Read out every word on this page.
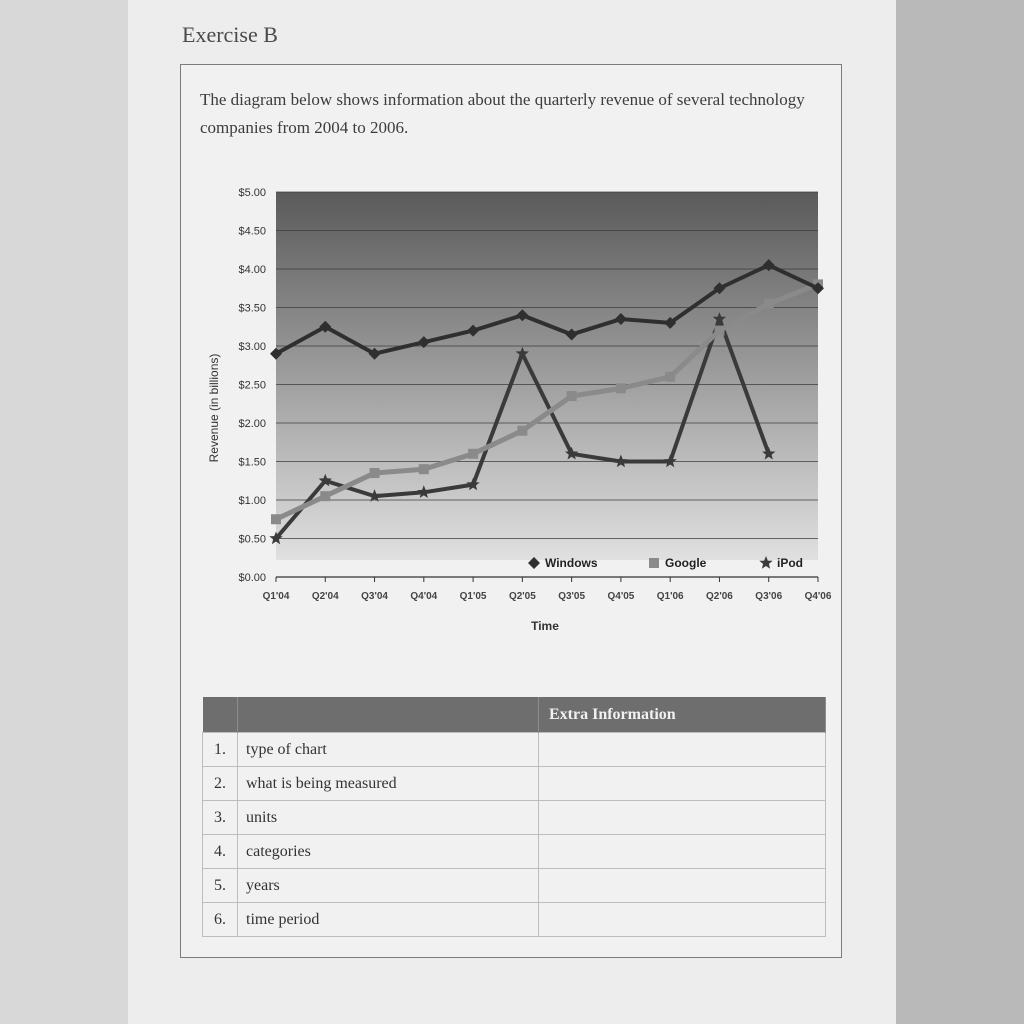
Exercise B
The diagram below shows information about the quarterly revenue of several technology companies from 2004 to 2006.
$0.00
$0.50
$1.00
$1.50
$2.00
$2.50
$3.00
$3.50
$4.00
$4.50
$5.00
Q1'04 Q2'04 Q3'04 Q4'04 Q1'05 Q2'05 Q3'05 Q4'05 Q1'06 Q2'06 Q3'06 Q4'06
Revenue (in billions)
Time
Windows	Google	iPod
		Extra Information
1.	type of chart	
2.	what is being measured	
3.	units	
4.	categories	
5.	years	
6.	time period	
